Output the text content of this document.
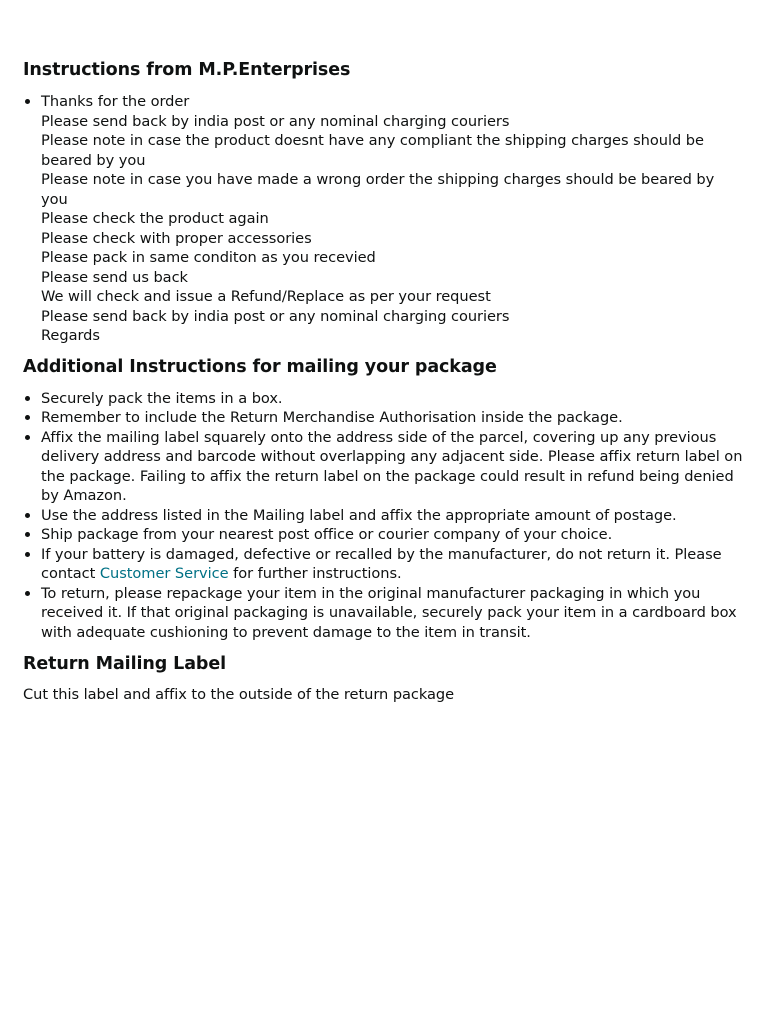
Instructions from M.P.Enterprises
Thanks for the order
Please send back by india post or any nominal charging couriers
Please note in case the product doesnt have any compliant the shipping charges should be beared by you
Please note in case you have made a wrong order the shipping charges should be beared by you
Please check the product again
Please check with proper accessories
Please pack in same conditon as you recevied
Please send us back
We will check and issue a Refund/Replace as per your request
Please send back by india post or any nominal charging couriers
Regards
Additional Instructions for mailing your package
Securely pack the items in a box.
Remember to include the Return Merchandise Authorisation inside the package.
Affix the mailing label squarely onto the address side of the parcel, covering up any previous delivery address and barcode without overlapping any adjacent side. Please affix return label on the package. Failing to affix the return label on the package could result in refund being denied by Amazon.
Use the address listed in the Mailing label and affix the appropriate amount of postage.
Ship package from your nearest post office or courier company of your choice.
If your battery is damaged, defective or recalled by the manufacturer, do not return it. Please contact Customer Service for further instructions.
To return, please repackage your item in the original manufacturer packaging in which you received it. If that original packaging is unavailable, securely pack your item in a cardboard box with adequate cushioning to prevent damage to the item in transit.
Return Mailing Label
Cut this label and affix to the outside of the return package
